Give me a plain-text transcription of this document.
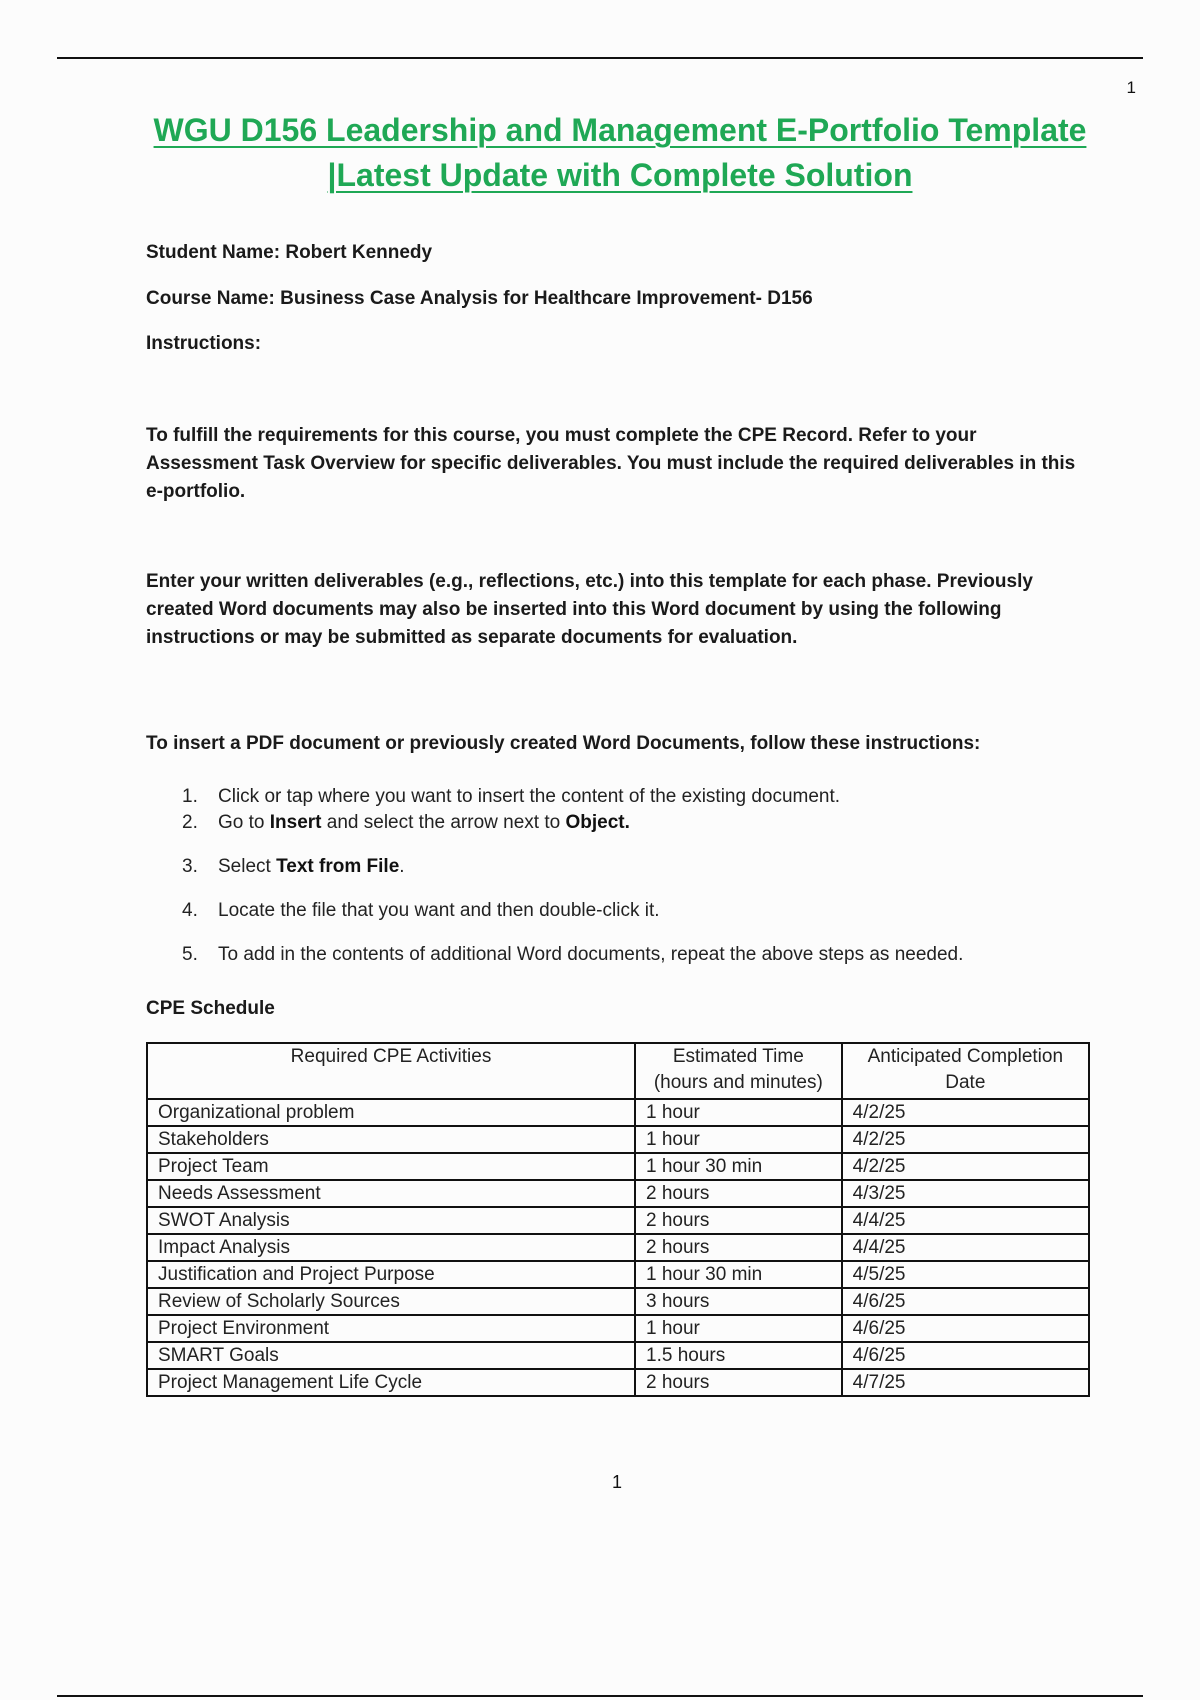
1
WGU D156 Leadership and Management E-Portfolio Template
|Latest Update with Complete Solution
Student Name: Robert Kennedy
Course Name: Business Case Analysis for Healthcare Improvement- D156
Instructions:
To fulfill the requirements for this course, you must complete the CPE Record. Refer to your Assessment Task Overview for specific deliverables. You must include the required deliverables in this e-portfolio.
Enter your written deliverables (e.g., reflections, etc.) into this template for each phase. Previously created Word documents may also be inserted into this Word document by using the following instructions or may be submitted as separate documents for evaluation.
To insert a PDF document or previously created Word Documents, follow these instructions:
1. Click or tap where you want to insert the content of the existing document.
2. Go to Insert and select the arrow next to Object.
3. Select Text from File.
4. Locate the file that you want and then double-click it.
5. To add in the contents of additional Word documents, repeat the above steps as needed.
CPE Schedule
Required CPE Activities	Estimated Time (hours and minutes)	Anticipated Completion Date
Organizational problem	1 hour	4/2/25
Stakeholders	1 hour	4/2/25
Project Team	1 hour 30 min	4/2/25
Needs Assessment	2 hours	4/3/25
SWOT Analysis	2 hours	4/4/25
Impact Analysis	2 hours	4/4/25
Justification and Project Purpose	1 hour 30 min	4/5/25
Review of Scholarly Sources	3 hours	4/6/25
Project Environment	1 hour	4/6/25
SMART Goals	1.5 hours	4/6/25
Project Management Life Cycle	2 hours	4/7/25
1
